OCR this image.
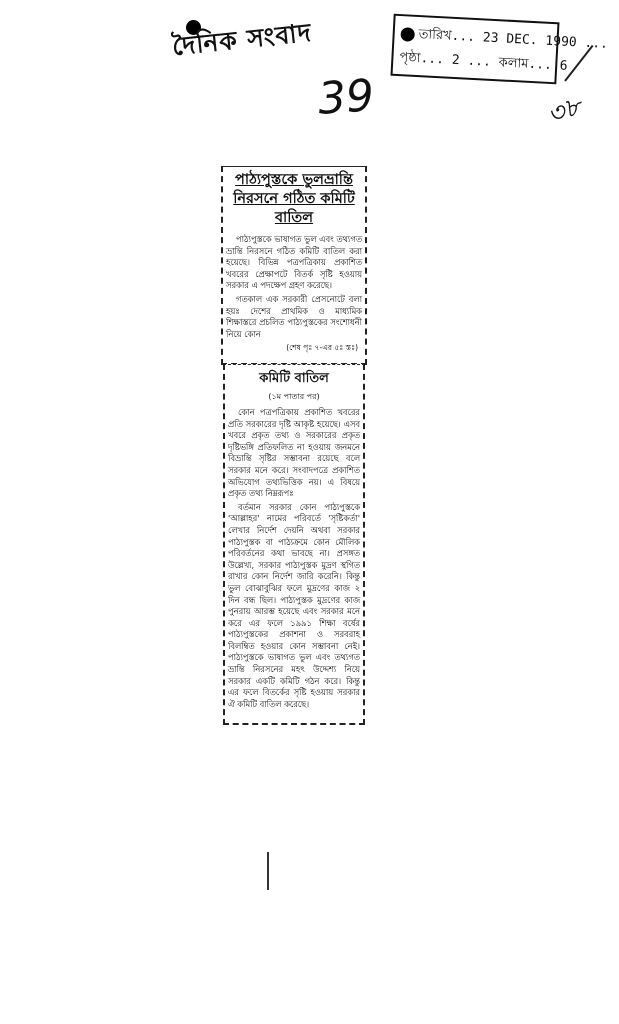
দৈনিক সংবাদ	তারিখ... 23 DEC. 1990 ...
পৃষ্ঠা... 2 ... কলাম... 6
39	৩৮
পাঠ্যপুস্তকে ভুলভ্রান্তি নিরসনে গঠিত কমিটি বাতিল

পাঠ্যপুস্তকে ভাষাগত ভুল এবং তথ্যগত ভ্রান্তি নিরসনে গঠিত কমিটি বাতিল করা হয়েছে। বিভিন্ন পত্রপত্রিকায় প্রকাশিত খবরের প্রেক্ষাপটে বিতর্ক সৃষ্টি হওয়ায় সরকার এ পদক্ষেপ গ্রহণ করেছে।

গতকাল এক সরকারী প্রেসনোটে বলা হয়ঃ দেশের প্রাথমিক ও মাধ্যমিক শিক্ষাস্তরে প্রচলিত পাঠ্যপুস্তকের সংশোধনী নিয়ে কোন

(শেষ পৃঃ ৭-এর ৫ঃ স্তঃ)
কমিটি বাতিল
(১ম পাতার পর)

কোন পত্রপত্রিকায় প্রকাশিত খবরের প্রতি সরকারের দৃষ্টি আকৃষ্ট হয়েছে। এসব খবরে প্রকৃত তথ্য ও সরকারের প্রকৃত দৃষ্টিভঙ্গি প্রতিফলিত না হওয়ায় জনমনে বিভ্রান্তি সৃষ্টির সম্ভাবনা রয়েছে বলে সরকার মনে করে। সংবাদপত্রে প্রকাশিত অভিযোগ তথ্যভিত্তিক নয়। এ বিষয়ে প্রকৃত তথ্য নিম্নরূপঃ

বর্তমান সরকার কোন পাঠ্যপুস্তকে 'আল্লাহর' নামের পরিবর্তে 'সৃষ্টিকর্তা' লেখার নির্দেশ দেয়নি অথবা সরকার পাঠ্যপুস্তক বা পাঠ্যক্রমে কোন মৌলিক পরিবর্তনের কথা ভাবছে না। প্রসঙ্গত উল্লেখ্য, সরকার পাঠ্যপুস্তক মুদ্রণ স্থগিত রাখার কোন নির্দেশ জারি করেনি। কিন্তু ভুল বোঝাবুঝির ফলে মুদ্রণের কাজ ২ দিন বন্ধ ছিল। পাঠ্যপুস্তক মুদ্রণের কাজ পুনরায় আরম্ভ হয়েছে এবং সরকার মনে করে এর ফলে ১৯৯১ শিক্ষা বর্ষের পাঠ্যপুস্তকের প্রকাশনা ও সরবরাহ বিলম্বিত হওয়ার কোন সম্ভাবনা নেই। পাঠ্যপুস্তকে ভাষাগত ভুল এবং তথ্যগত ভ্রান্তি নিরসনের মহৎ উদ্দেশ্য নিয়ে সরকার একটি কমিটি গঠন করে। কিন্তু এর ফলে বিতর্কের সৃষ্টি হওয়ায় সরকার ঐ কমিটি বাতিল করেছে।
